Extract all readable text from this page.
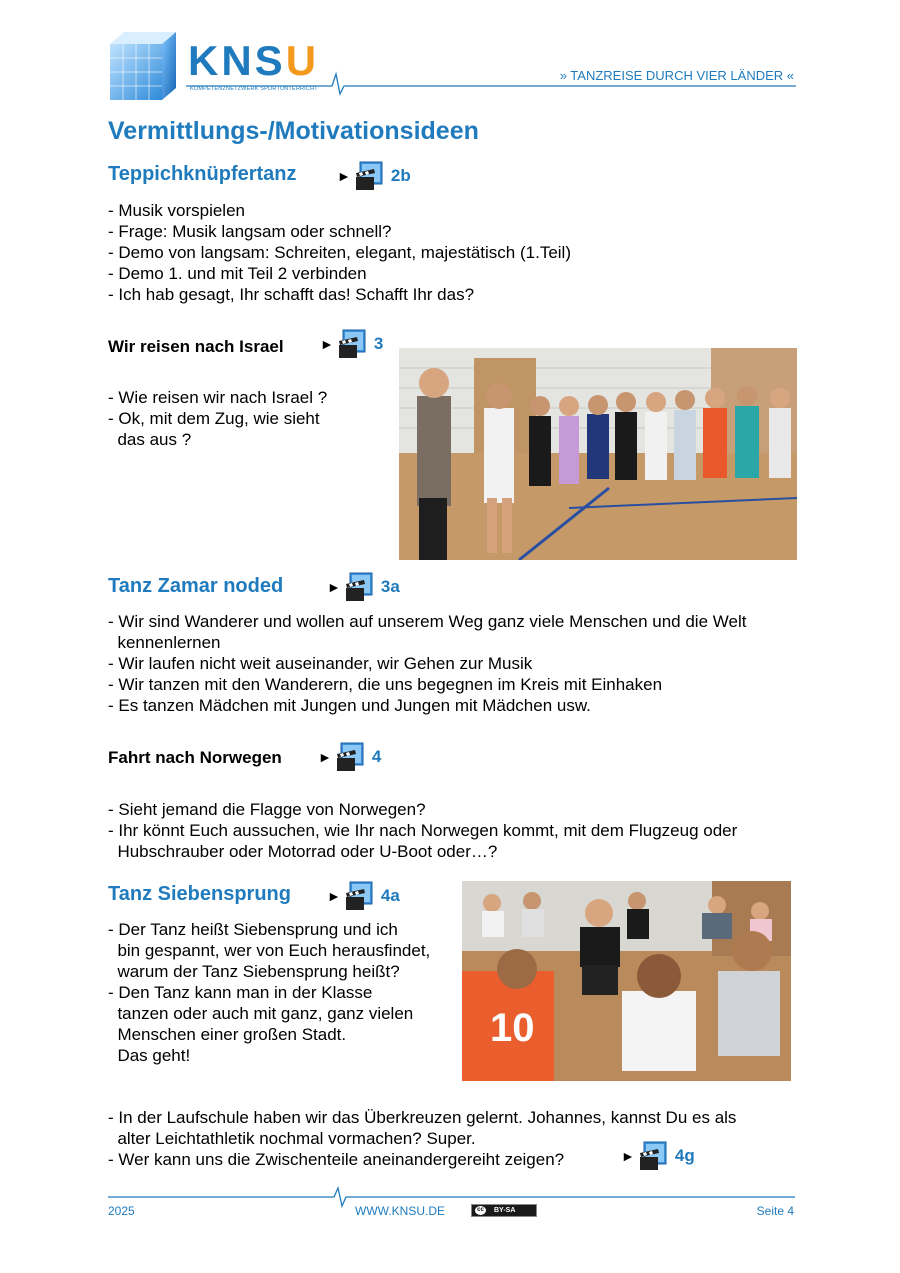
KNSU
KOMPETENZNETZWERK SPORTUNTERRICHT
» TANZREISE DURCH VIER LÄNDER «
Vermittlungs-/Motivationsideen
Teppichknüpfertanz	► 2b
- Musik vorspielen
- Frage: Musik langsam oder schnell?
- Demo von langsam: Schreiten, elegant, majestätisch (1.Teil)
- Demo 1. und mit Teil 2 verbinden
- Ich hab gesagt, Ihr schafft das! Schafft Ihr das?
Wir reisen nach Israel	► 3
- Wie reisen wir nach Israel ?
- Ok, mit dem Zug, wie sieht
das aus ?
Tanz Zamar noded	► 3a
- Wir sind Wanderer und wollen auf unserem Weg ganz viele Menschen und die Welt
kennenlernen
- Wir laufen nicht weit auseinander, wir Gehen zur Musik
- Wir tanzen mit den Wanderern, die uns begegnen im Kreis mit Einhaken
- Es tanzen Mädchen mit Jungen und Jungen mit Mädchen usw.
Fahrt nach Norwegen	► 4
- Sieht jemand die Flagge von Norwegen?
- Ihr könnt Euch aussuchen, wie Ihr nach Norwegen kommt, mit dem Flugzeug oder
Hubschrauber oder Motorrad oder U-Boot oder…?
Tanz Siebensprung	► 4a
- Der Tanz heißt Siebensprung und ich
bin gespannt, wer von Euch herausfindet,
warum der Tanz Siebensprung heißt?
- Den Tanz kann man in der Klasse
tanzen oder auch mit ganz, ganz vielen
Menschen einer großen Stadt.
Das geht!
10
- In der Laufschule haben wir das Überkreuzen gelernt. Johannes, kannst Du es als
alter Leichtathletik nochmal vormachen? Super.
- Wer kann uns die Zwischenteile aneinandergereiht zeigen?	► 4g
2025	WWW.KNSU.DE	cc	BY-SA	Seite 4
